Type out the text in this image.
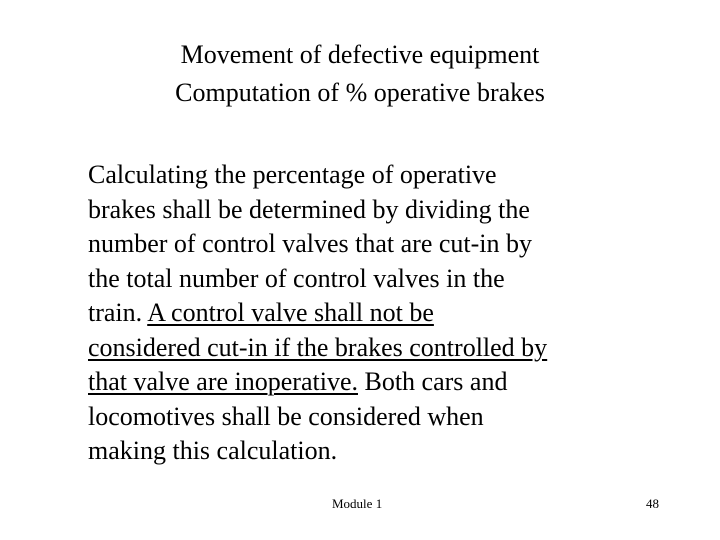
Movement of defective equipment
Computation of % operative brakes
Calculating the percentage of operative
brakes shall be determined by dividing the
number of control valves that are cut-in by
the total number of control valves in the
train. A control valve shall not be
considered cut-in if the brakes controlled by
that valve are inoperative. Both cars and
locomotives shall be considered when
making this calculation.
Module 1	48
